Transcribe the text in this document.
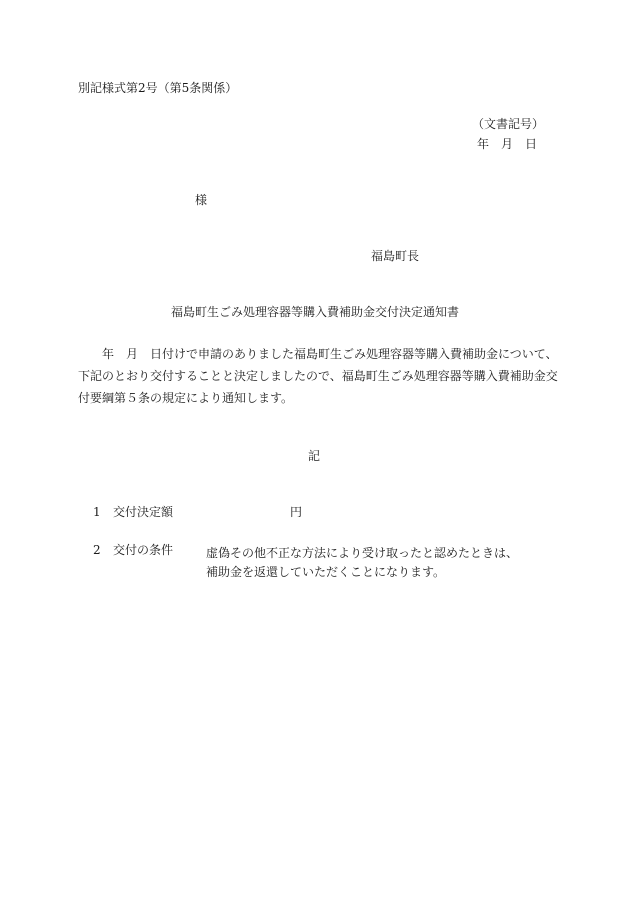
別記様式第2号（第5条関係）
（文書記号）
年　月　日
様
福島町長
福島町生ごみ処理容器等購入費補助金交付決定通知書
年　月　日付けで申請のありました福島町生ごみ処理容器等購入費補助金について、
下記のとおり交付することと決定しましたので、福島町生ごみ処理容器等購入費補助金交
付要綱第５条の規定により通知します。
記
1 交付決定額	円
2 交付の条件	虚偽その他不正な方法により受け取ったと認めたときは、
補助金を返還していただくことになります。
